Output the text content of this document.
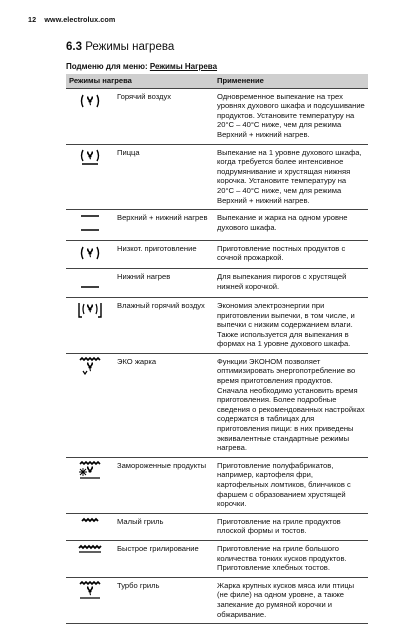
12 www.electrolux.com
6.3 Режимы нагрева
Подменю для меню: Режимы Нагрева
Режимы нагрева		Применение
	Горячий воздух	Одновременное выпекание на трех уровнях духового шкафа и подсушивание продуктов. Установите температуру на 20°C – 40°C ниже, чем для режима Верхний + нижний нагрев.
	Пицца	Выпекание на 1 уровне духового шкафа, когда требуется более интенсивное подрумянивание и хрустящая нижняя корочка. Установите температуру на 20°C – 40°C ниже, чем для режима Верхний + нижний нагрев.
	Верхний + нижний нагрев	Выпекание и жарка на одном уровне духового шкафа.
	Низкот. приготовление	Приготовление постных продуктов с сочной прожаркой.
	Нижний нагрев	Для выпекания пирогов с хрустящей нижней корочкой.
	Влажный горячий воздух	Экономия электроэнергии при приготовлении выпечки, в том числе, и выпечки с низким содержанием влаги. Также используется для выпекания в формах на 1 уровне духового шкафа.
	ЭКО жарка	Функции ЭКОНОМ позволяет оптимизировать энергопотребление во время приготовления продуктов. Сначала необходимо установить время приготовления. Более подробные сведения о рекомендованных настройках содержатся в таблицах для приготовления пищи: в них приведены эквивалентные стандартные режимы нагрева.
	Замороженные продукты	Приготовление полуфабрикатов, например, картофеля фри, картофельных ломтиков, блинчиков с фаршем с образованием хрустящей корочки.
	Малый гриль	Приготовление на гриле продуктов плоской формы и тостов.
	Быстрое грилирование	Приготовление на гриле большого количества тонких кусков продуктов. Приготовление хлебных тостов.
	Турбо гриль	Жарка крупных кусков мяса или птицы (не филе) на одном уровне, а также запекание до румяной корочки и обжаривание.
